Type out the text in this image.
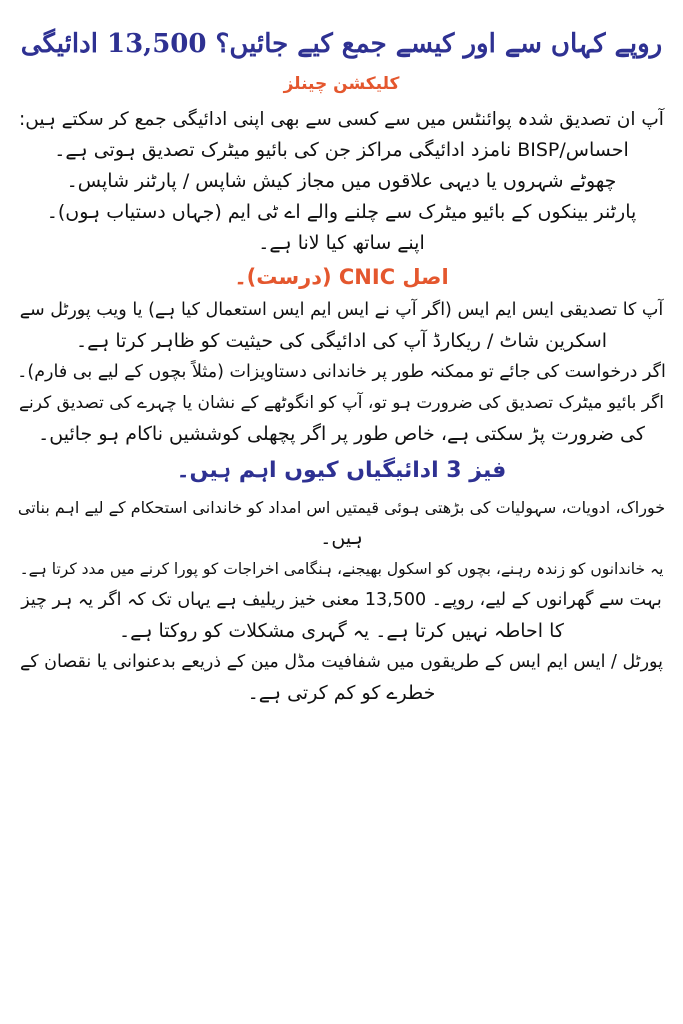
روپے کہاں سے اور کیسے جمع کیے جائیں؟ 13,500 ادائیگی
کلیکشن چینلز

آپ ان تصدیق شدہ پوائنٹس میں سے کسی سے بھی اپنی ادائیگی جمع کر سکتے ہیں:

احساس/BISP نامزد ادائیگی مراکز جن کی بائیو میٹرک تصدیق ہوتی ہے۔

چھوٹے شہروں یا دیہی علاقوں میں مجاز کیش شاپس / پارٹنر شاپس۔

پارٹنر بینکوں کے بائیو میٹرک سے چلنے والے اے ٹی ایم (جہاں دستیاب ہوں)۔

اپنے ساتھ کیا لانا ہے۔

اصل CNIC (درست)۔

آپ کا تصدیقی ایس ایم ایس (اگر آپ نے ایس ایم ایس استعمال کیا ہے) یا ویب پورٹل سے

اسکرین شاٹ / ریکارڈ آپ کی ادائیگی کی حیثیت کو ظاہر کرتا ہے۔

اگر درخواست کی جائے تو ممکنہ طور پر خاندانی دستاویزات (مثلاً بچوں کے لیے بی فارم)۔

اگر بائیو میٹرک تصدیق کی ضرورت ہو تو، آپ کو انگوٹھے کے نشان یا چہرے کی تصدیق کرنے

کی ضرورت پڑ سکتی ہے، خاص طور پر اگر پچھلی کوششیں ناکام ہو جائیں۔

فیز 3 ادائیگیاں کیوں اہم ہیں۔

خوراک، ادویات، سہولیات کی بڑھتی ہوئی قیمتیں اس امداد کو خاندانی استحکام کے لیے اہم بناتی

ہیں۔

یہ خاندانوں کو زندہ رہنے، بچوں کو اسکول بھیجنے، ہنگامی اخراجات کو پورا کرنے میں مدد کرتا ہے۔

بہت سے گھرانوں کے لیے، روپے۔ 13,500 معنی خیز ریلیف ہے یہاں تک کہ اگر یہ ہر چیز

کا احاطہ نہیں کرتا ہے۔ یہ گہری مشکلات کو روکتا ہے۔

پورٹل / ایس ایم ایس کے طریقوں میں شفافیت مڈل مین کے ذریعے بدعنوانی یا نقصان کے

خطرے کو کم کرتی ہے۔
